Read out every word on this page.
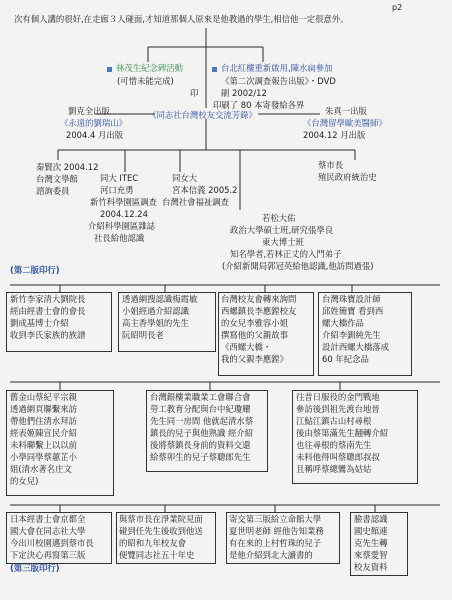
p2
次有個人講的很好,在走廊３人碰面,才知道那個人原來是他教過的學生,相信他一定很意外。
林茂生紀念碑活動
(可惜未能完成)
台北紅樓重新啟用,陳水扁參加
《第二次調查報告出版》・DVD
印	刷 2002/12
印刷了 80 本寄發給各界
《同志社台灣校友交流芳錄》
劉克全出版
《永遠的劉瑞山》
2004.4 月出版
朱真一出版
《台灣留學歐美醫師》
2004.12 月出版
秦賢次 2004.12
台灣文學館
諮詢委員
同大 ITEC
河口充勇
新竹科學園區調查
2004.12.24
介紹科學園區雜誌
社長給他認識
同女大
宮本信義 2005.2
台灣社會福祉調查
蔡市長
殖民政府統治史
若松大佑
政治大學碩士班,研究張學良
東大博士班
知名學者,若林正丈的入門弟子
(介紹新聞局郭冠英給他認識,他訪問過張)
(第二版印行)
新竹李家清大劉院長
經由經書士會的會長
劉成基博士介紹
收到李氏家族的族譜
透過網搜認識梅霞敏
小姐經過介紹認識
高主香學姐的先生
阮昭明長老
台灣校友會轉來詢問
西螺鎮長李應鏜校友
的女兒李雅容小姐
撰寫他的父親故事
《西螺大橋・
我的父親李應鏜》
台灣珠寶設計師
邱姓簡寶 看到西
螺大橋作品
介紹李釧純先生
設計西螺大橋落成
60 年紀念品
舊金山蔡紀平宗親
透過網頁聯繫來訪
帶他們住清水拜訪
經表姬陳宣民介紹
未料聯繫上以以前
小學同學蔡蕙芷小
姐(清水著名庄文
的女兒)
台灣銀樓業職業工會聯合會
勞工教育分配與台中紀瓊耀
先生同一房間 他就起清水蔡
鎮長的兒子與他熟識 經介紹
後將蔡鎮長身前的資料交還
給蔡卯生的兒子蔡聰郎先生
往昔日服役的金門戰地
參訪後到祖先渡台地晉
江鮎江鎮古山村尋根
後由蔡第滿先生翻轉介紹
也往尋根的蔡南先生
未料他得叫蔡聰郎叔叔
且稱呼蔡總鸞為姑姑
日本經書士會京都全
國大會在同志社大學
今出川校園邁到蔡市長
下定決心再寫第三版
(第三版印行)
與蔡市長在淨業院見面
碰到任先生後收到他送
的昭和九年校友會
便覽同志社五十年史
寄交第三版給立命館大學
夏世明老師 經他告知業務
有在來的上村哲珠的兒子
是他介紹到北大讀書的
臉書認識
國史館連
克先生轉
來蔡愛智
校友資料
